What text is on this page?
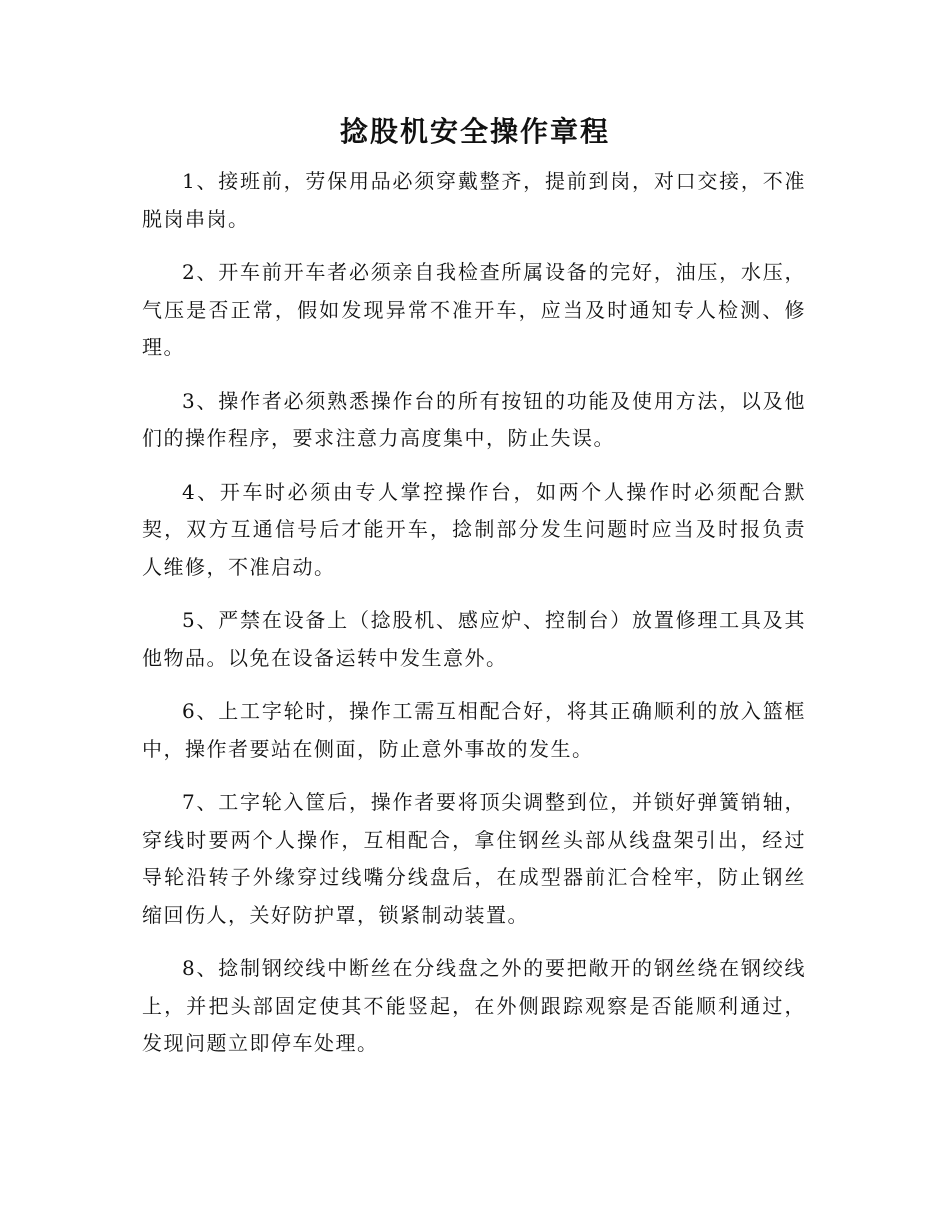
捻股机安全操作章程

1、接班前，劳保用品必须穿戴整齐，提前到岗，对口交接，不准脱岗串岗。

2、开车前开车者必须亲自我检查所属设备的完好，油压，水压，气压是否正常，假如发现异常不准开车，应当及时通知专人检测、修理。

3、操作者必须熟悉操作台的所有按钮的功能及使用方法，以及他们的操作程序，要求注意力高度集中，防止失误。

4、开车时必须由专人掌控操作台，如两个人操作时必须配合默契，双方互通信号后才能开车，捻制部分发生问题时应当及时报负责人维修，不准启动。

5、严禁在设备上（捻股机、感应炉、控制台）放置修理工具及其他物品。以免在设备运转中发生意外。

6、上工字轮时，操作工需互相配合好，将其正确顺利的放入篮框中，操作者要站在侧面，防止意外事故的发生。

7、工字轮入筐后，操作者要将顶尖调整到位，并锁好弹簧销轴，穿线时要两个人操作，互相配合，拿住钢丝头部从线盘架引出，经过导轮沿转子外缘穿过线嘴分线盘后，在成型器前汇合栓牢，防止钢丝缩回伤人，关好防护罩，锁紧制动装置。

8、捻制钢绞线中断丝在分线盘之外的要把敞开的钢丝绕在钢绞线上，并把头部固定使其不能竖起，在外侧跟踪观察是否能顺利通过，发现问题立即停车处理。
